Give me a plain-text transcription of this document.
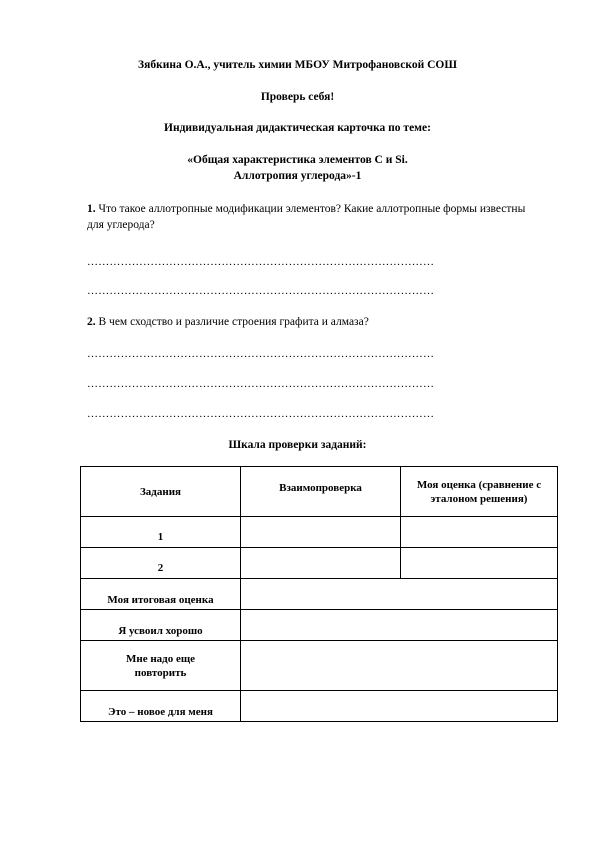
Зябкина О.А., учитель химии МБОУ Митрофановской СОШ
Проверь себя!
Индивидуальная дидактическая карточка по теме:
«Общая характеристика элементов С и Si.
Аллотропия углерода»-1
1. Что такое аллотропные модификации элементов? Какие аллотропные формы известны для углерода?
…………………………………………………………………………………
…………………………………………………………………………………
2. В чем сходство и различие строения графита и алмаза?
…………………………………………………………………………………
…………………………………………………………………………………
…………………………………………………………………………………
Шкала проверки заданий:
Задания	Взаимопроверка	Моя оценка (сравнение с эталоном решения)
1		
2		
Моя итоговая оценка		
Я усвоил хорошо		
Мне надо еще повторить		
Это – новое для меня		
